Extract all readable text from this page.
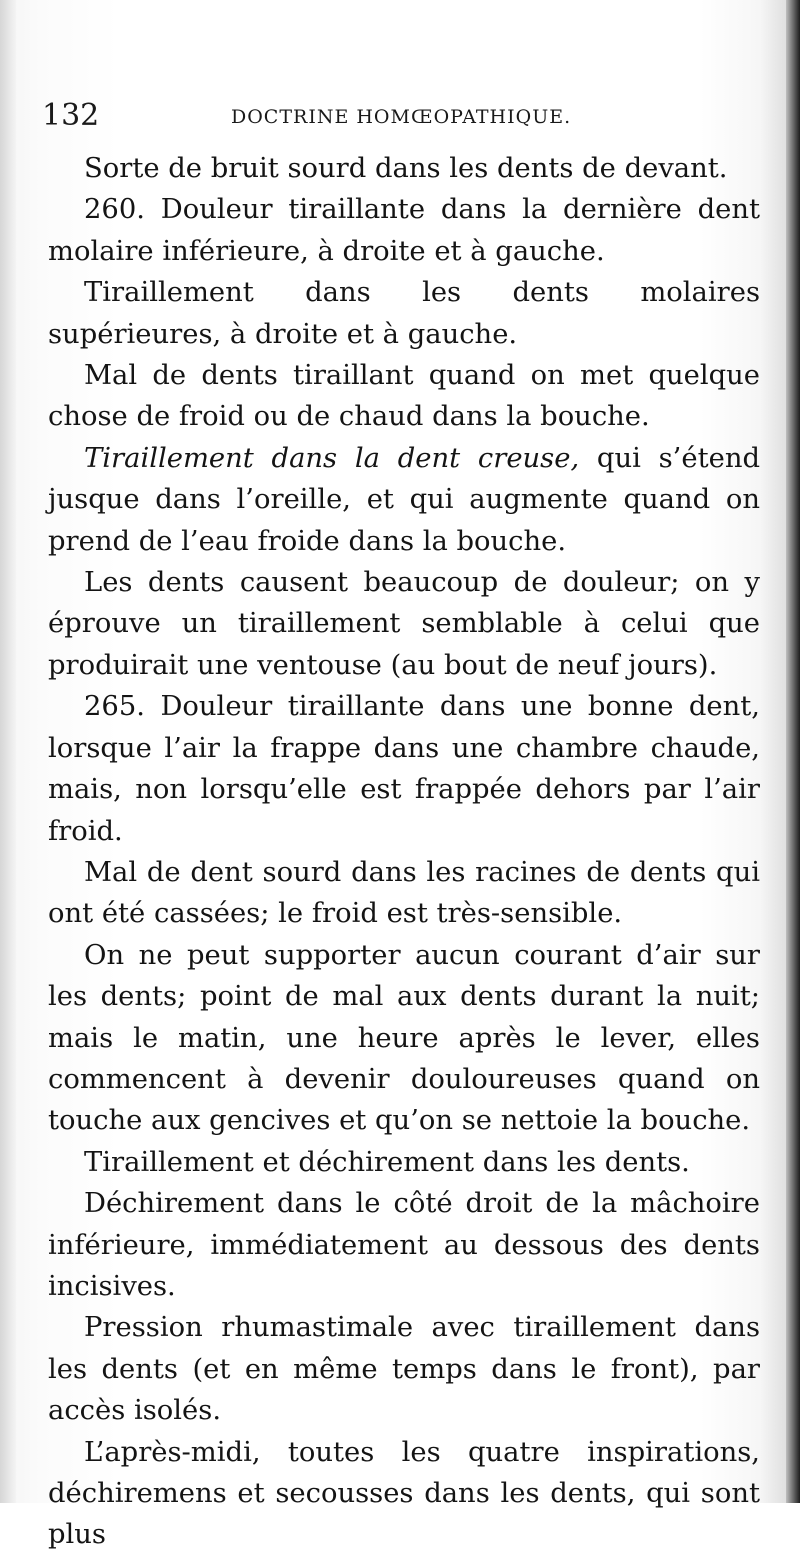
132	DOCTRINE HOMŒOPATHIQUE.

Sorte de bruit sourd dans les dents de devant.

260. Douleur tiraillante dans la dernière dent molaire inférieure, à droite et à gauche.

Tiraillement dans les dents molaires supérieures, à droite et à gauche.

Mal de dents tiraillant quand on met quelque chose de froid ou de chaud dans la bouche.

Tiraillement dans la dent creuse, qui s’étend jusque dans l’oreille, et qui augmente quand on prend de l’eau froide dans la bouche.

Les dents causent beaucoup de douleur; on y éprouve un tiraillement semblable à celui que produirait une ventouse (au bout de neuf jours).

265. Douleur tiraillante dans une bonne dent, lorsque l’air la frappe dans une chambre chaude, mais, non lorsqu’elle est frappée dehors par l’air froid.

Mal de dent sourd dans les racines de dents qui ont été cassées; le froid est très-sensible.

On ne peut supporter aucun courant d’air sur les dents; point de mal aux dents durant la nuit; mais le matin, une heure après le lever, elles commencent à devenir douloureuses quand on touche aux gencives et qu’on se nettoie la bouche.

Tiraillement et déchirement dans les dents.

Déchirement dans le côté droit de la mâchoire inférieure, immédiatement au dessous des dents incisives.

Pression rhumastimale avec tiraillement dans les dents (et en même temps dans le front), par accès isolés.

L’après-midi, toutes les quatre inspirations, déchiremens et secousses dans les dents, qui sont plus
